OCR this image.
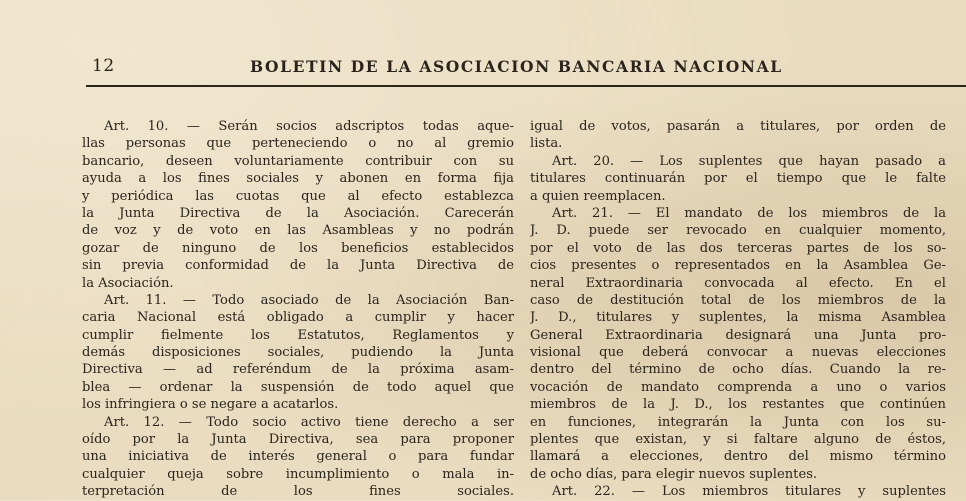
12	BOLETIN DE LA ASOCIACION BANCARIA NACIONAL
Art. 10. — Serán socios adscriptos todas aque-
llas personas que perteneciendo o no al gremio
bancario, deseen voluntariamente contribuir con su
ayuda a los fines sociales y abonen en forma fija
y periódica las cuotas que al efecto establezca
la Junta Directiva de la Asociación. Carecerán
de voz y de voto en las Asambleas y no podrán
gozar de ninguno de los beneficios establecidos
sin previa conformidad de la Junta Directiva de
la Asociación.
Art. 11. — Todo asociado de la Asociación Ban-
caria Nacional está obligado a cumplir y hacer
cumplir fielmente los Estatutos, Reglamentos y
demás disposiciones sociales, pudiendo la Junta
Directiva — ad referéndum de la próxima asam-
blea — ordenar la suspensión de todo aquel que
los infringiera o se negare a acatarlos.
Art. 12. — Todo socio activo tiene derecho a ser
oído por la Junta Directiva, sea para proponer
una iniciativa de interés general o para fundar
cualquier queja sobre incumplimiento o mala in-
terpretación de los fines sociales.
igual de votos, pasarán a titulares, por orden de
lista.
Art. 20. — Los suplentes que hayan pasado a
titulares continuarán por el tiempo que le falte
a quien reemplacen.
Art. 21. — El mandato de los miembros de la
J. D. puede ser revocado en cualquier momento,
por el voto de las dos terceras partes de los so-
cios presentes o representados en la Asamblea Ge-
neral Extraordinaria convocada al efecto. En el
caso de destitución total de los miembros de la
J. D., titulares y suplentes, la misma Asamblea
General Extraordinaria designará una Junta pro-
visional que deberá convocar a nuevas elecciones
dentro del término de ocho días. Cuando la re-
vocación de mandato comprenda a uno o varios
miembros de la J. D., los restantes que continúen
en funciones, integrarán la Junta con los su-
plentes que existan, y si faltare alguno de éstos,
llamará a elecciones, dentro del mismo término
de ocho días, para elegir nuevos suplentes.
Art. 22. — Los miembros titulares y suplentes
